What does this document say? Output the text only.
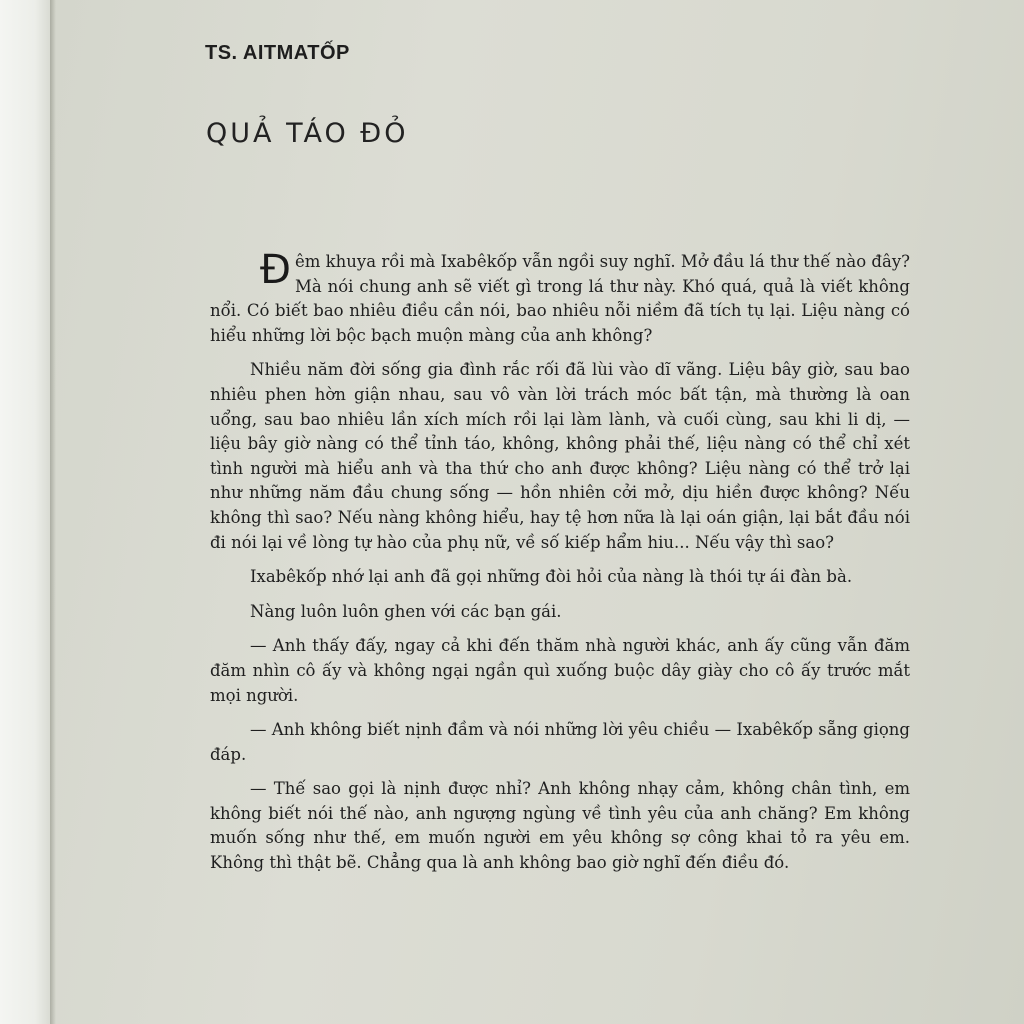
TS. AITMATỐP
QUẢ TÁO ĐỎ

Đêm khuya rồi mà Ixabêkốp vẫn ngồi suy nghĩ. Mở đầu lá thư thế nào đây? Mà nói chung anh sẽ viết gì trong lá thư này. Khó quá, quả là viết không nổi. Có biết bao nhiêu điều cần nói, bao nhiêu nỗi niềm đã tích tụ lại. Liệu nàng có hiểu những lời bộc bạch muộn màng của anh không?

Nhiều năm đời sống gia đình rắc rối đã lùi vào dĩ vãng. Liệu bây giờ, sau bao nhiêu phen hờn giận nhau, sau vô vàn lời trách móc bất tận, mà thường là oan uổng, sau bao nhiêu lần xích mích rồi lại làm lành, và cuối cùng, sau khi li dị, — liệu bây giờ nàng có thể tỉnh táo, không, không phải thế, liệu nàng có thể chỉ xét tình người mà hiểu anh và tha thứ cho anh được không? Liệu nàng có thể trở lại như những năm đầu chung sống — hồn nhiên cởi mở, dịu hiền được không? Nếu không thì sao? Nếu nàng không hiểu, hay tệ hơn nữa là lại oán giận, lại bắt đầu nói đi nói lại về lòng tự hào của phụ nữ, về số kiếp hẩm hiu... Nếu vậy thì sao?

Ixabêkốp nhớ lại anh đã gọi những đòi hỏi của nàng là thói tự ái đàn bà.

Nàng luôn luôn ghen với các bạn gái.

— Anh thấy đấy, ngay cả khi đến thăm nhà người khác, anh ấy cũng vẫn đăm đăm nhìn cô ấy và không ngại ngần quì xuống buộc dây giày cho cô ấy trước mắt mọi người.

— Anh không biết nịnh đầm và nói những lời yêu chiều — Ixabêkốp sẵng giọng đáp.

— Thế sao gọi là nịnh được nhỉ? Anh không nhạy cảm, không chân tình, em không biết nói thế nào, anh ngượng ngùng về tình yêu của anh chăng? Em không muốn sống như thế, em muốn người em yêu không sợ công khai tỏ ra yêu em. Không thì thật bẽ. Chẳng qua là anh không bao giờ nghĩ đến điều đó.
